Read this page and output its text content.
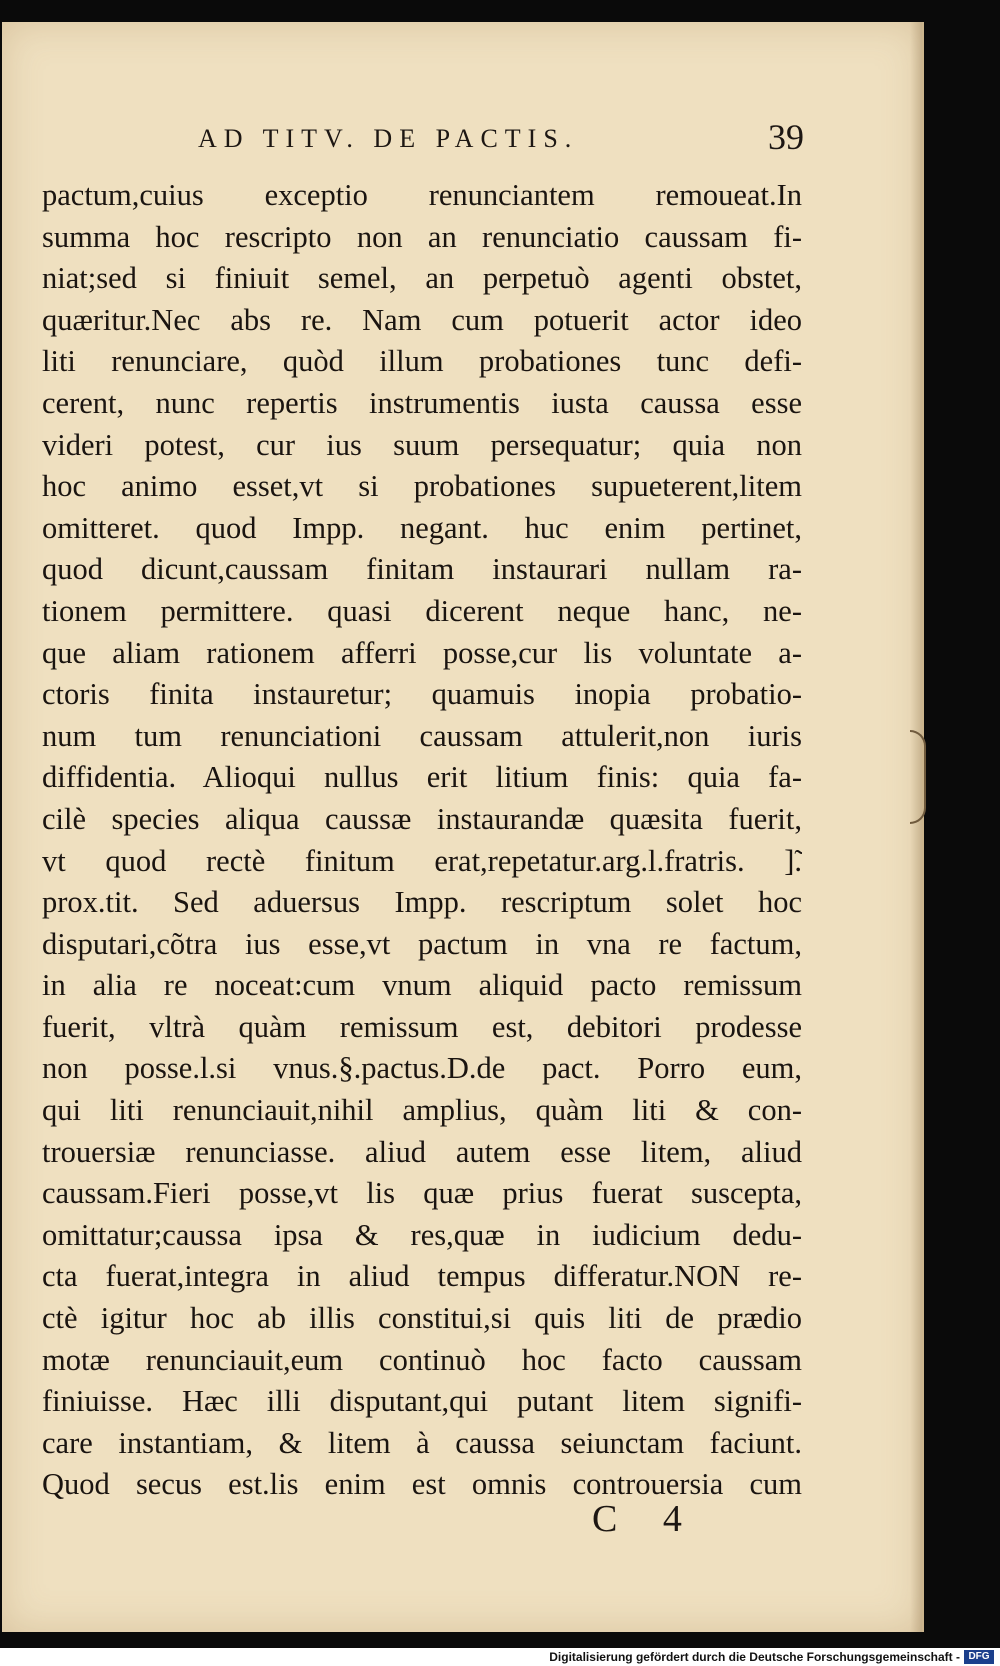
AD TITV. DE PACTIS.	39
pactum,cuius exceptio renunciantem remoueat.In
summa hoc rescripto non an renunciatio caussam fi-
niat;sed si finiuit semel, an perpetuò agenti obstet,
quæritur.Nec abs re. Nam cum potuerit actor ideo
liti renunciare, quòd illum probationes tunc defi-
cerent, nunc repertis instrumentis iusta caussa esse
videri potest, cur ius suum persequatur; quia non
hoc animo esset,vt si probationes supueterent,litem
omitteret. quod Impp. negant. huc enim pertinet,
quod dicunt,caussam finitam instaurari nullam ra-
tionem permittere. quasi dicerent neque hanc, ne-
que aliam rationem afferri posse,cur lis voluntate a-
ctoris finita instauretur; quamuis inopia probatio-
num tum renunciationi caussam attulerit,non iuris
diffidentia. Alioqui nullus erit litium finis: quia fa-
cilè species aliqua caussæ instaurandæ quæsita fuerit,
vt quod rectè finitum erat,repetatur.arg.l.fratris. ]̃.
prox.tit. Sed aduersus Impp. rescriptum solet hoc
disputari,cõtra ius esse,vt pactum in vna re factum,
in alia re noceat:cum vnum aliquid pacto remissum
fuerit, vltrà quàm remissum est, debitori prodesse
non posse.l.si vnus.§.pactus.D.de pact. Porro eum,
qui liti renunciauit,nihil amplius, quàm liti & con-
trouersiæ renunciasse. aliud autem esse litem, aliud
caussam.Fieri posse,vt lis quæ prius fuerat suscepta,
omittatur;caussa ipsa & res,quæ in iudicium dedu-
cta fuerat,integra in aliud tempus differatur.NON re-
ctè igitur hoc ab illis constitui,si quis liti de prædio
motæ renunciauit,eum continuò hoc facto caussam
finiuisse. Hæc illi disputant,qui putant litem signifi-
care instantiam, & litem à caussa seiunctam faciunt.
Quod secus est.lis enim est omnis controuersia cum
C 4
Digitalisierung gefördert durch die Deutsche Forschungsgemeinschaft - DFG
